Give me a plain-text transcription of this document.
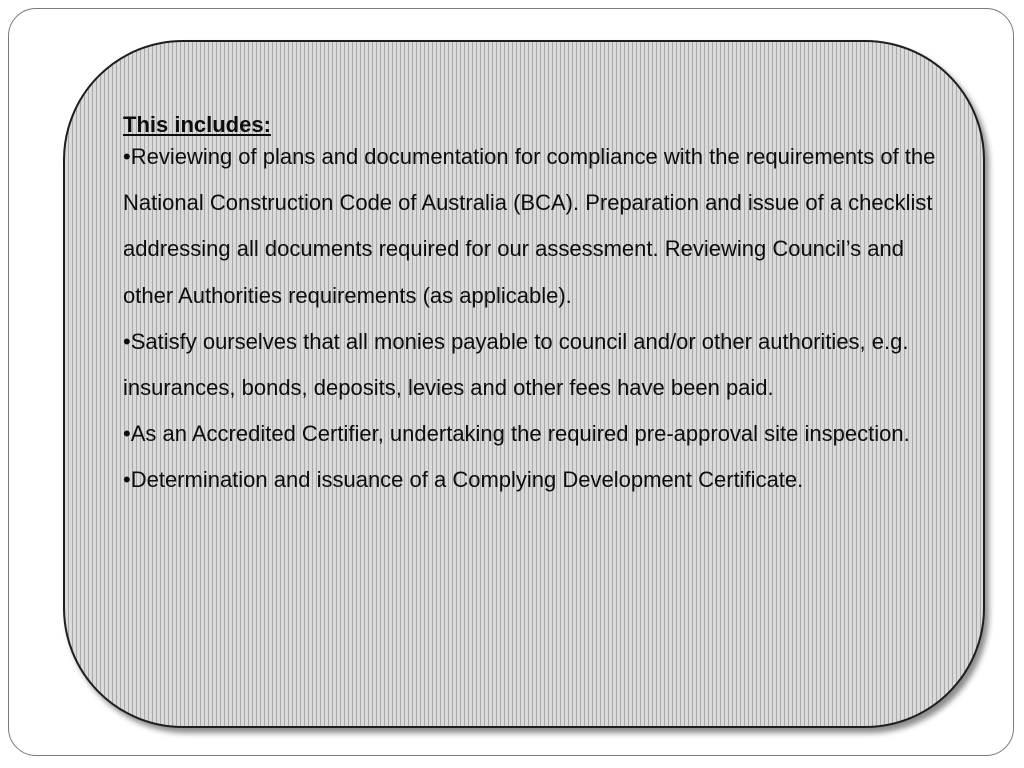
This includes:

•Reviewing of plans and documentation for compliance with the requirements of the National Construction Code of Australia (BCA). Preparation and issue of a checklist addressing all documents required for our assessment. Reviewing Council’s and other Authorities requirements (as applicable).

•Satisfy ourselves that all monies payable to council and/or other authorities, e.g. insurances, bonds, deposits, levies and other fees have been paid.

•As an Accredited Certifier, undertaking the required pre-approval site inspection.

•Determination and issuance of a Complying Development Certificate.
